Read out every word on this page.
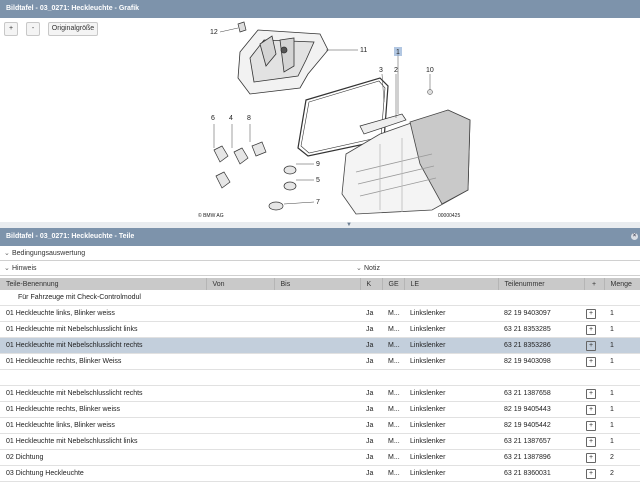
Bildtafel - 03_0271: Heckleuchte - Grafik
+	-	Originalgröße
12
11	1
3 2	10
6 4 8
9
5
7
© BMW AG	00000425
▼
Bildtafel - 03_0271: Heckleuchte - Teile	×
⌄ Bedingungsauswertung
⌄ Hinweis	⌄ Notiz
Teile-Benennung	Von	Bis	K	GE	LE	Teilenummer	+	Menge
Für Fahrzeuge mit Check-Controlmodul								
01 Heckleuchte links, Blinker weiss			Ja	M...	Linkslenker	82 19 9403097	+	1
01 Heckleuchte mit Nebelschlusslicht links			Ja	M...	Linkslenker	63 21 8353285	+	1
01 Heckleuchte mit Nebelschlusslicht rechts			Ja	M...	Linkslenker	63 21 8353286	+	1
01 Heckleuchte rechts, Blinker Weiss			Ja	M...	Linkslenker	82 19 9403098	+	1

01 Heckleuchte mit Nebelschlusslicht rechts			Ja	M...	Linkslenker	63 21 1387658	+	1
01 Heckleuchte rechts, Blinker weiss			Ja	M...	Linkslenker	82 19 9405443	+	1
01 Heckleuchte links, Blinker weiss			Ja	M...	Linkslenker	82 19 9405442	+	1
01 Heckleuchte mit Nebelschlusslicht links			Ja	M...	Linkslenker	63 21 1387657	+	1
02 Dichtung			Ja	M...	Linkslenker	63 21 1387896	+	2
03 Dichtung Heckleuchte			Ja	M...	Linkslenker	63 21 8360031	+	2
